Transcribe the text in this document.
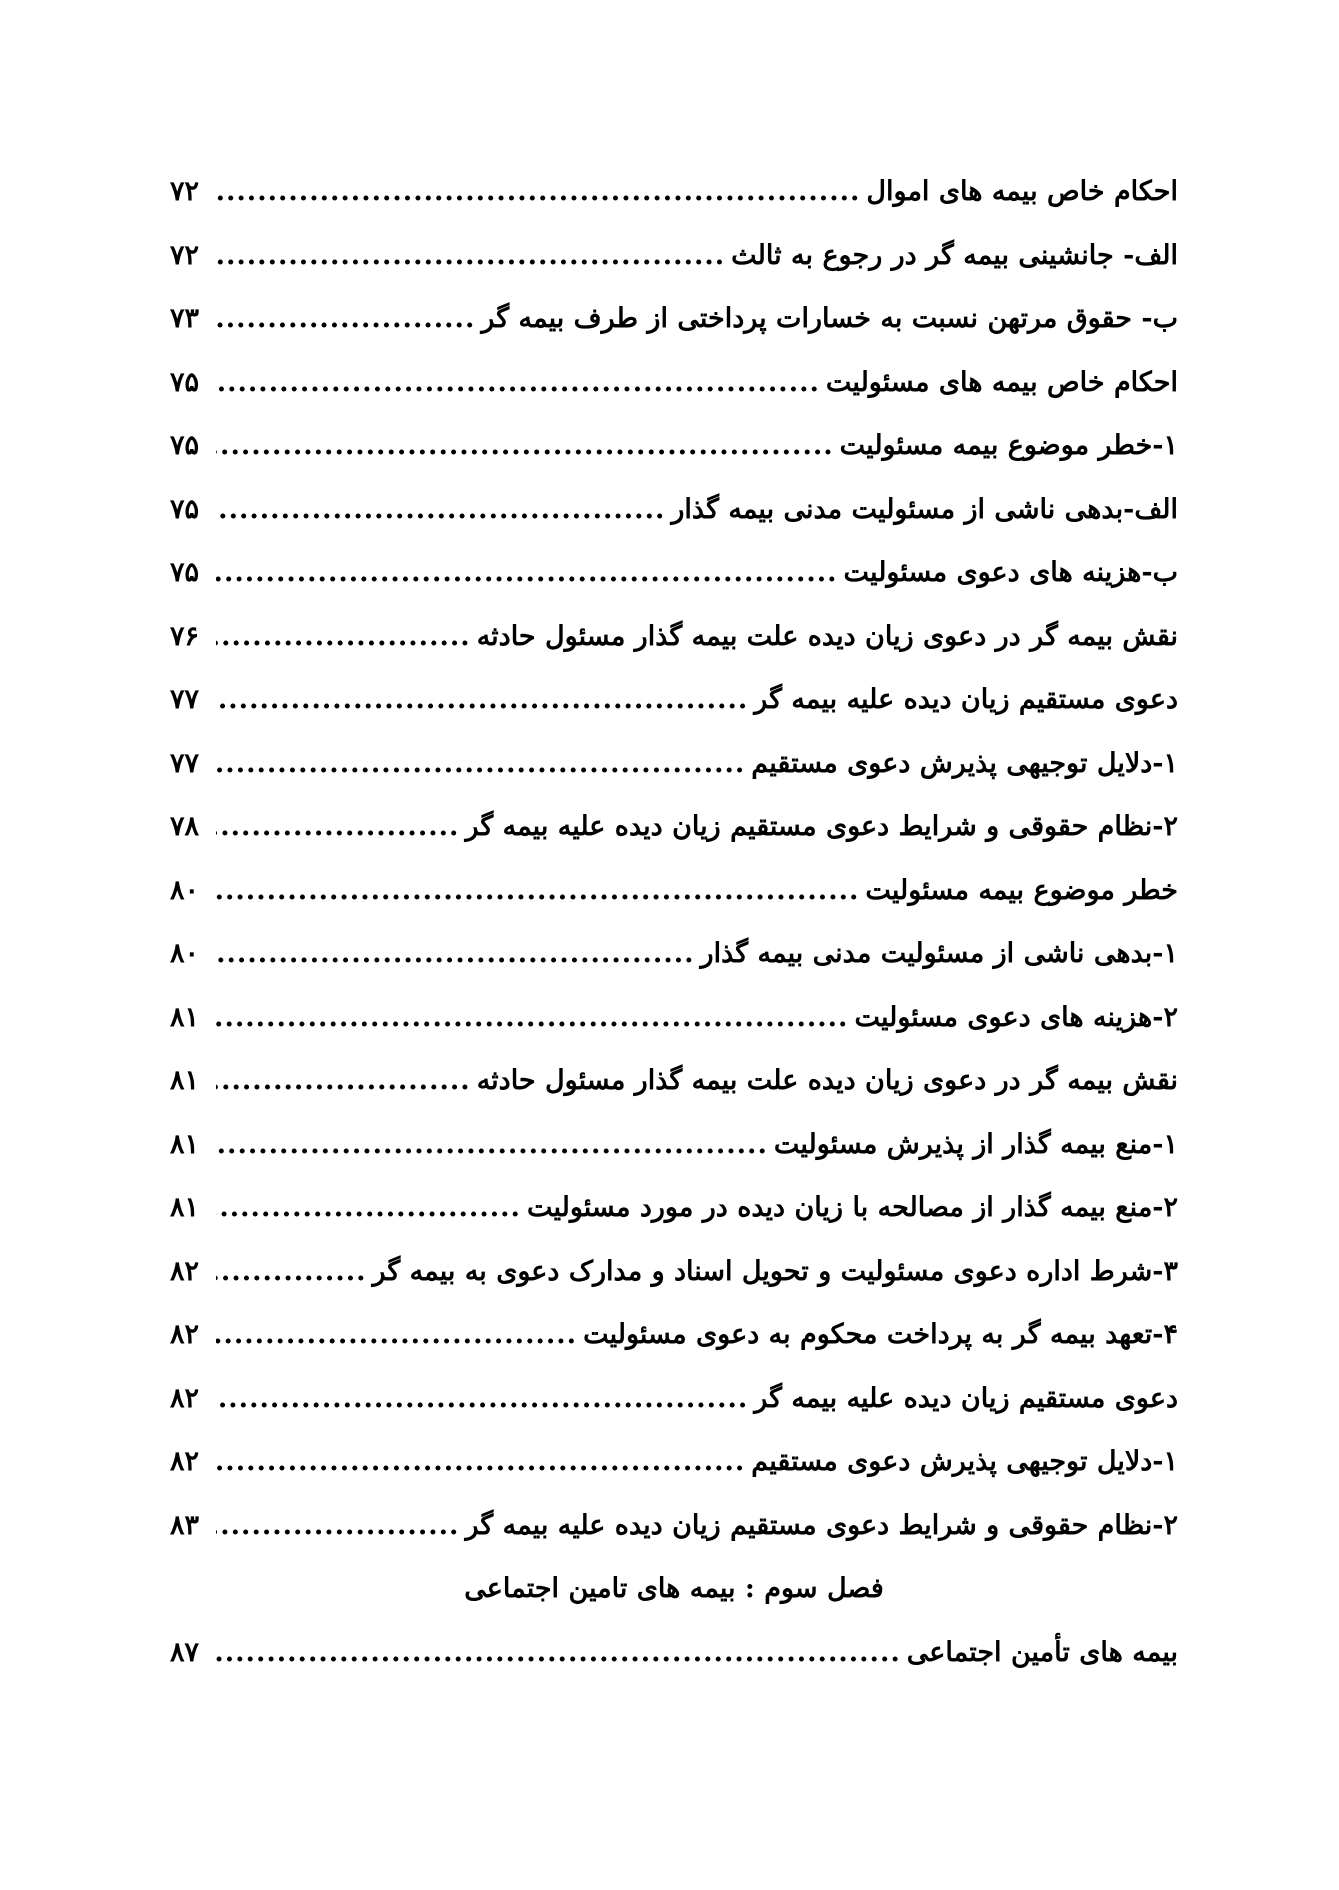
احکام خاص بیمه های اموال
.....
۷۲
الف- جانشینی بیمه گر در رجوع به ثالث
.....
۷۲
ب- حقوق مرتهن نسبت به خسارات پرداختی از طرف بیمه گر
.....
۷۳
احکام خاص بیمه های مسئولیت
.....
۷۵
۱-خطر موضوع بیمه مسئولیت
.....
۷۵
الف-بدهی ناشی از مسئولیت مدنی بیمه گذار
.....
۷۵
ب-هزینه های دعوی مسئولیت
.....
۷۵
نقش بیمه گر در دعوی زیان دیده علت بیمه گذار مسئول حادثه
.....
۷۶
دعوی مستقیم زیان دیده علیه بیمه گر
.....
۷۷
۱-دلایل توجیهی پذیرش دعوی مستقیم
.....
۷۷
۲-نظام حقوقی و شرایط دعوی مستقیم زیان دیده علیه بیمه گر
.....
۷۸
خطر موضوع بیمه مسئولیت
.....
۸۰
۱-بدهی ناشی از مسئولیت مدنی بیمه گذار
.....
۸۰
۲-هزینه های دعوی مسئولیت
.....
۸۱
نقش بیمه گر در دعوی زیان دیده علت بیمه گذار مسئول حادثه
.....
۸۱
۱-منع بیمه گذار از پذیرش مسئولیت
.....
۸۱
۲-منع بیمه گذار از مصالحه با زیان دیده در مورد مسئولیت
.....
۸۱
۳-شرط اداره دعوی مسئولیت و تحویل اسناد و مدارک دعوی به بیمه گر
.....
۸۲
۴-تعهد بیمه گر به پرداخت محکوم به دعوی مسئولیت
.....
۸۲
دعوی مستقیم زیان دیده علیه بیمه گر
.....
۸۲
۱-دلایل توجیهی پذیرش دعوی مستقیم
.....
۸۲
۲-نظام حقوقی و شرایط دعوی مستقیم زیان دیده علیه بیمه گر
.....
۸۳
فصل سوم : بیمه های تامین اجتماعی
بیمه های تأمین اجتماعی
.....
۸۷
